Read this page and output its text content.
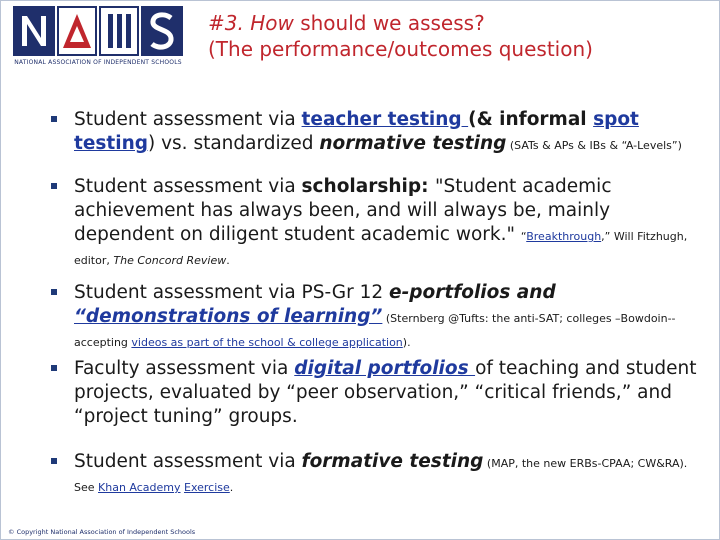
NATIONAL ASSOCIATION OF INDEPENDENT SCHOOLS
#3. How should we assess?
(The performance/outcomes question)
Student assessment via teacher testing (& informal spot
testing) vs. standardized normative testing (SATs & APs & IBs & “A-Levels”)
Student assessment via scholarship: "Student academic achievement has always been, and will always be, mainly dependent on diligent student academic work." “Breakthrough,” Will Fitzhugh, editor, The Concord Review.
Student assessment via PS-Gr 12 e-portfolios and
“demonstrations of learning” (Sternberg @Tufts: the anti-SAT; colleges –Bowdoin-- accepting videos as part of the school & college application).
Faculty assessment via digital portfolios of teaching and student projects, evaluated by “peer observation,” “critical friends,” and “project tuning” groups.
Student assessment via formative testing (MAP, the new ERBs-CPAA; CW&RA).
See Khan Academy Exercise.
© Copyright National Association of Independent Schools
